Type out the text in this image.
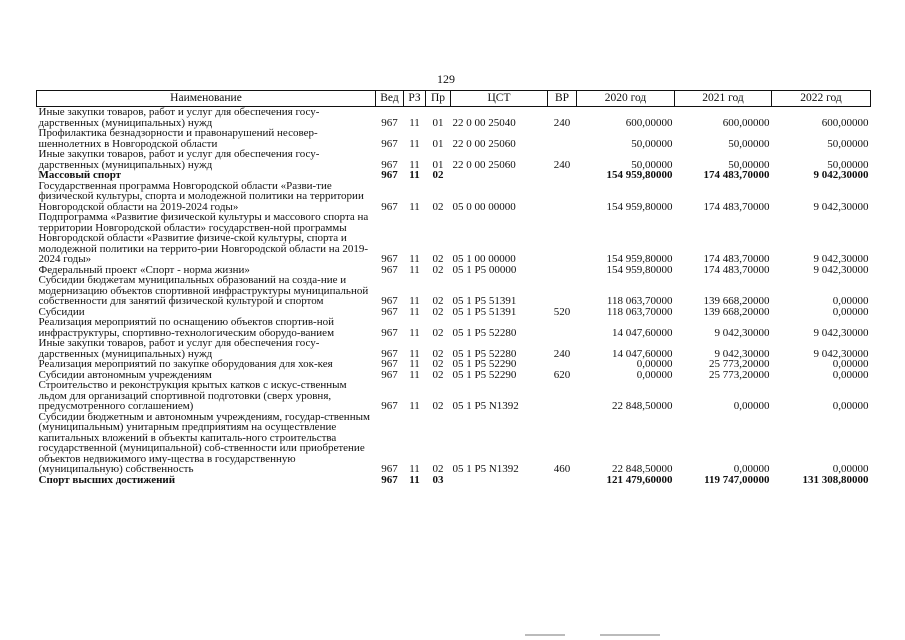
129
Наименование	Вед	РЗ	Пр	ЦСТ	ВР	2020 год	2021 год	2022 год
Иные закупки товаров, работ и услуг для обеспечения госу-дарственных (муниципальных) нужд	967	11	01	22 0 00 25040	240	600,00000	600,00000	600,00000
Профилактика безнадзорности и правонарушений несовер-шеннолетних в Новгородской области	967	11	01	22 0 00 25060		50,00000	50,00000	50,00000
Иные закупки товаров, работ и услуг для обеспечения госу-дарственных (муниципальных) нужд	967	11	01	22 0 00 25060	240	50,00000	50,00000	50,00000
Массовый спорт	967	11	02			154 959,80000	174 483,70000	9 042,30000
Государственная программа Новгородской области «Разви-тие физической культуры, спорта и молодежной политики на территории Новгородской области на 2019-2024 годы»	967	11	02	05 0 00 00000		154 959,80000	174 483,70000	9 042,30000
Подпрограмма «Развитие физической культуры и массового спорта на территории Новгородской области» государствен-ной программы Новгородской области «Развитие физиче-ской культуры, спорта и молодежной политики на террито-рии Новгородской области на 2019-2024 годы»	967	11	02	05 1 00 00000		154 959,80000	174 483,70000	9 042,30000
Федеральный проект «Спорт - норма жизни»	967	11	02	05 1 P5 00000		154 959,80000	174 483,70000	9 042,30000
Субсидии бюджетам муниципальных образований на созда-ние и модернизацию объектов спортивной инфраструктуры муниципальной собственности для занятий физической культурой и спортом	967	11	02	05 1 P5 51391		118 063,70000	139 668,20000	0,00000
Субсидии	967	11	02	05 1 P5 51391	520	118 063,70000	139 668,20000	0,00000
Реализация мероприятий по оснащению объектов спортив-ной инфраструктуры, спортивно-технологическим оборудо-ванием	967	11	02	05 1 P5 52280		14 047,60000	9 042,30000	9 042,30000
Иные закупки товаров, работ и услуг для обеспечения госу-дарственных (муниципальных) нужд	967	11	02	05 1 P5 52280	240	14 047,60000	9 042,30000	9 042,30000
Реализация мероприятий по закупке оборудования для хок-кея	967	11	02	05 1 P5 52290		0,00000	25 773,20000	0,00000
Субсидии автономным учреждениям	967	11	02	05 1 P5 52290	620	0,00000	25 773,20000	0,00000
Строительство и реконструкция крытых катков с искус-ственным льдом для организаций спортивной подготовки (сверх уровня, предусмотренного соглашением)	967	11	02	05 1 P5 N1392		22 848,50000	0,00000	0,00000
Субсидии бюджетным и автономным учреждениям, государ-ственным (муниципальным) унитарным предприятиям на осуществление капитальных вложений в объекты капиталь-ного строительства государственной (муниципальной) соб-ственности или приобретение объектов недвижимого иму-щества в государственную (муниципальную) собственность	967	11	02	05 1 P5 N1392	460	22 848,50000	0,00000	0,00000
Спорт высших достижений	967	11	03			121 479,60000	119 747,00000	131 308,80000
